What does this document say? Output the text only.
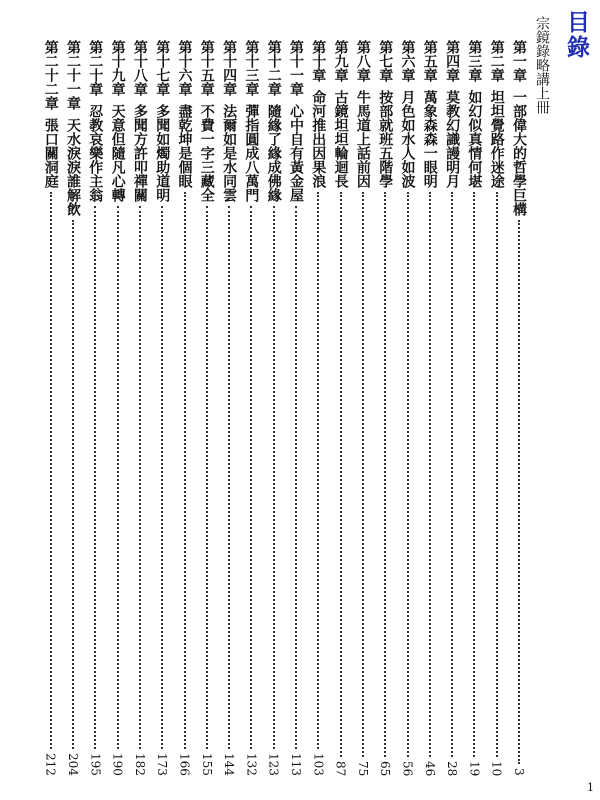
目錄
宗鏡錄略講上冊
第一章
一部偉大的哲學巨構
3
第二章
坦坦覺路作迷途
10
第三章
如幻似真情何堪
19
第四章
莫教幻識謾明月
28
第五章
萬象森森一眼明
46
第六章
月色如水人如波
56
第七章
按部就班五階學
65
第八章
牛馬道上話前因
75
第九章
古鏡坦坦輪迴長
87
第十章
命河推出因果浪
103
第十一章
心中自有黃金屋
113
第十二章
隨緣了緣成佛緣
123
第十三章
彈指圓成八萬門
132
第十四章
法爾如是水同雲
144
第十五章
不費一字三藏全
155
第十六章
盡乾坤是個眼
166
第十七章
多聞如燭助道明
173
第十八章
多聞方許叩禪關
182
第十九章
天意但隨凡心轉
190
第二十章
忍教哀樂作主翁
195
第二十一章
天水淚淚誰解飲
204
第二十二章
張口關洞庭
212

1
